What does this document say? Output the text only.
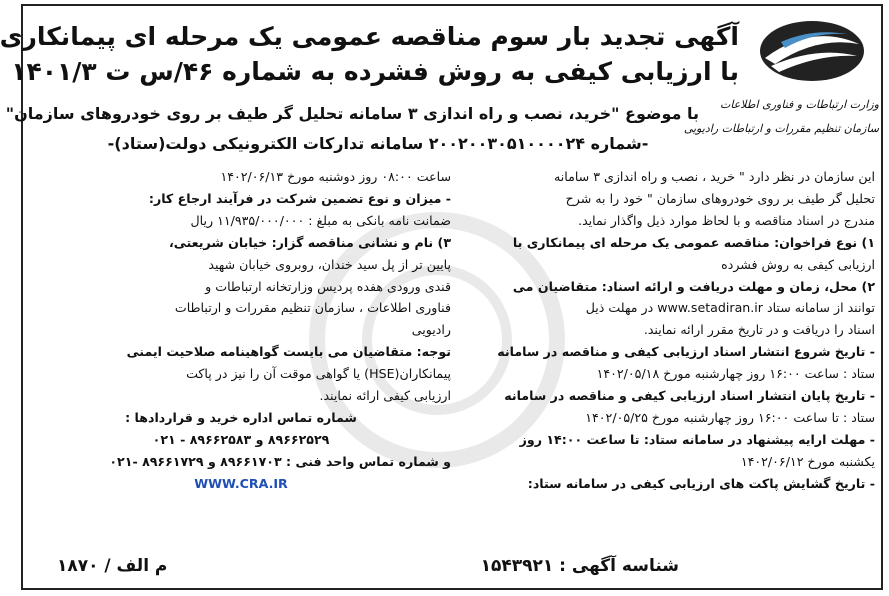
وزارت ارتباطات و فناوری اطلاعات
سازمان تنظیم مقررات و ارتباطات رادیویی
آگهی تجدید بار سوم مناقصه عمومی یک مرحله ای پیمانکاری
با ارزیابی کیفی به روش فشرده به شماره ۴۶/س ت ۱۴۰۱/۳
با موضوع "خرید، نصب و راه اندازی ۳ سامانه تحلیل گر طیف بر روی خودروهای سازمان"
-شماره ۲۰۰۲۰۰۳۰۵۱۰۰۰۰۲۴ سامانه تدارکات الکترونیکی دولت(ستاد)-

این سازمان در نظر دارد " خرید ، نصب و راه اندازی ۳ سامانه

تحلیل گر طیف بر روی خودروهای سازمان " خود را به شرح

مندرج در اسناد مناقصه و با لحاظ موارد ذیل واگذار نماید.

۱) نوع فراخوان: مناقصه عمومی یک مرحله ای پیمانکاری با

ارزیابی کیفی به روش فشرده

۲) محل، زمان و مهلت دریافت و ارائه اسناد: متقاضیان می

توانند از سامانه ستاد www.setadiran.ir در مهلت ذیل

اسناد را دریافت و در تاریخ مقرر ارائه نمایند.

- تاریخ شروع انتشار اسناد ارزیابی کیفی و مناقصه در سامانه

ستاد : ساعت ۱۶:۰۰ روز چهارشنبه مورخ ۱۴۰۲/۰۵/۱۸

- تاریخ پایان انتشار اسناد ارزیابی کیفی و مناقصه در سامانه

ستاد : تا ساعت ۱۶:۰۰ روز چهارشنبه مورخ ۱۴۰۲/۰۵/۲۵

- مهلت ارایه پیشنهاد در سامانه ستاد: تا ساعت ۱۴:۰۰ روز

یکشنبه مورخ ۱۴۰۲/۰۶/۱۲

- تاریخ گشایش پاکت های ارزیابی کیفی در سامانه ستاد:

ساعت ۰۸:۰۰ روز دوشنبه مورخ ۱۴۰۲/۰۶/۱۳

- میزان و نوع تضمین شرکت در فرآیند ارجاع کار:

ضمانت نامه بانکی به مبلغ : ۱۱/۹۳۵/۰۰۰/۰۰۰ ریال

۳) نام و نشانی مناقصه گزار: خیابان شریعتی،

پایین تر از پل سید خندان، روبروی خیابان شهید

قندی ورودی هفده پردیس وزارتخانه ارتباطات و

فناوری اطلاعات ، سازمان تنظیم مقررات و ارتباطات

رادیویی

توجه: متقاضیان می بایست گواهینامه صلاحیت ایمنی

پیمانکاران(HSE) یا گواهی موقت آن را نیز در پاکت

ارزیابی کیفی ارائه نمایند.

شماره تماس اداره خرید و قراردادها :

۸۹۶۶۲۵۲۹ و ۸۹۶۶۲۵۸۳ - ۰۲۱

و شماره تماس واحد فنی : ۸۹۶۶۱۷۰۳ و ۸۹۶۶۱۷۲۹ -۰۲۱

WWW.CRA.IR

شناسه آگهی : ۱۵۴۳۹۲۱
م الف / ۱۸۷۰
